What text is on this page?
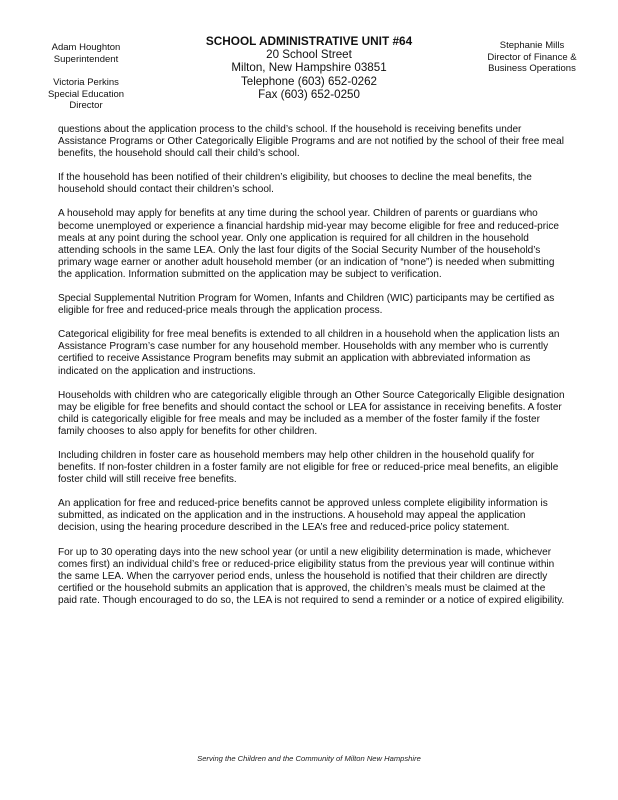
Adam Houghton
Superintendent
Victoria Perkins
Special Education
Director
SCHOOL ADMINISTRATIVE UNIT #64
20 School Street
Milton, New Hampshire 03851
Telephone (603) 652-0262
Fax (603) 652-0250
Stephanie Mills
Director of Finance &
Business Operations

questions about the application process to the child’s school. If the household is receiving benefits under Assistance Programs or Other Categorically Eligible Programs and are not notified by the school of their free meal benefits, the household should call their child’s school.

If the household has been notified of their children’s eligibility, but chooses to decline the meal benefits, the household should contact their children’s school.

A household may apply for benefits at any time during the school year. Children of parents or guardians who become unemployed or experience a financial hardship mid-year may become eligible for free and reduced-price meals at any point during the school year. Only one application is required for all children in the household attending schools in the same LEA. Only the last four digits of the Social Security Number of the household’s primary wage earner or another adult household member (or an indication of “none”) is needed when submitting the application. Information submitted on the application may be subject to verification.

Special Supplemental Nutrition Program for Women, Infants and Children (WIC) participants may be certified as eligible for free and reduced-price meals through the application process.

Categorical eligibility for free meal benefits is extended to all children in a household when the application lists an Assistance Program’s case number for any household member. Households with any member who is currently certified to receive Assistance Program benefits may submit an application with abbreviated information as indicated on the application and instructions.

Households with children who are categorically eligible through an Other Source Categorically Eligible designation may be eligible for free benefits and should contact the school or LEA for assistance in receiving benefits. A foster child is categorically eligible for free meals and may be included as a member of the foster family if the foster family chooses to also apply for benefits for other children.

Including children in foster care as household members may help other children in the household qualify for benefits. If non-foster children in a foster family are not eligible for free or reduced-price meal benefits, an eligible foster child will still receive free benefits.

An application for free and reduced-price benefits cannot be approved unless complete eligibility information is submitted, as indicated on the application and in the instructions. A household may appeal the application decision, using the hearing procedure described in the LEA’s free and reduced-price policy statement.

For up to 30 operating days into the new school year (or until a new eligibility determination is made, whichever comes first) an individual child’s free or reduced-price eligibility status from the previous year will continue within the same LEA. When the carryover period ends, unless the household is notified that their children are directly certified or the household submits an application that is approved, the children’s meals must be claimed at the paid rate. Though encouraged to do so, the LEA is not required to send a reminder or a notice of expired eligibility.

Serving the Children and the Community of Milton New Hampshire
